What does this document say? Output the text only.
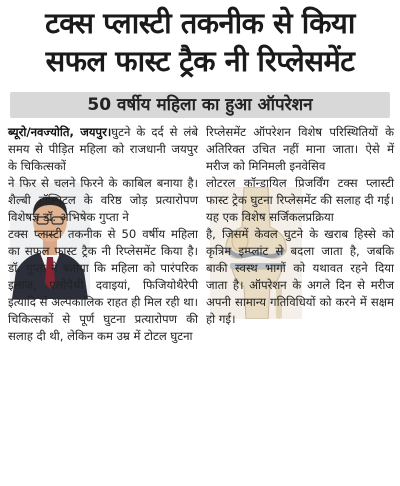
टक्स प्लास्टी तकनीक से किया
सफल फास्ट ट्रैक नी रिप्लेसमेंट
50 वर्षीय महिला का हुआ ऑपरेशन

ब्यूरो/नवज्योति, जयपुर।घुटने के दर्द से लंबे समय से पीड़ित महिला को राजधानी जयपुर के चिकित्सकों

ने फिर से चलने फिरने के काबिल बनाया है। शैल्बी हॉस्पिटल के वरिष्ठ जोड़ प्रत्यारोपण विशेषज्ञ डॉ. अभिषेक गुप्ता ने

टक्स प्लास्टी तकनीक से 50 वर्षीय महिला का सफल फास्ट ट्रैक नी रिप्लेसमेंट किया है। डॉ. गुप्ता ने बताया कि महिला को पारंपरिक इलाज, एलोपैथी दवाइयां, फिजियोथैरेपी इत्यादि से अल्पकालिक राहत ही मिल रही था। चिकित्सकों से पूर्ण घुटना प्रत्यारोपण की सलाह दी थी, लेकिन कम उम्र में टोटल घुटना

रिप्लेसमेंट ऑपरेशन विशेष परिस्थितियों के अतिरिक्त उचित नहीं माना जाता। ऐसे में मरीज को मिनिमली इनवेसिव

लोटरल कॉन्डायिल प्रिजर्विंग टक्स प्लास्टी फास्ट ट्रेक घुटना रिप्लेसमेंट की सलाह दी गई। यह एक विशेष सर्जिकलप्रक्रिया

है, जिसमें केवल घुटने के खराब हिस्से को कृत्रिम इम्प्लांट से बदला जाता है, जबकि बाकी स्वस्थ भागों को यथावत रहने दिया जाता है। ऑपरेशन के अगले दिन से मरीज अपनी सामान्य गतिविधियों को करने में सक्षम हो गई।
